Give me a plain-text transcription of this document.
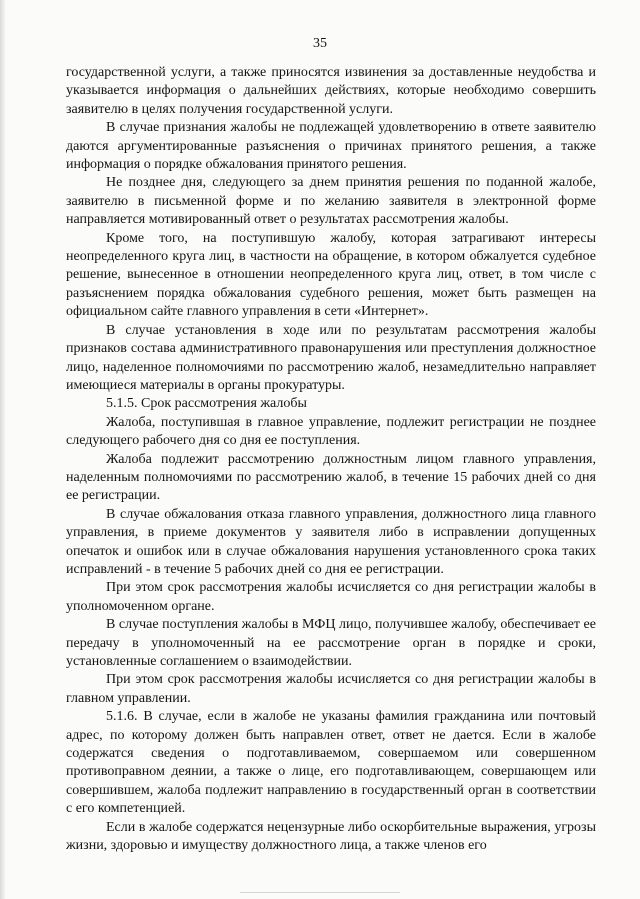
35

государственной услуги, а также приносятся извинения за доставленные неудобства и указывается информация о дальнейших действиях, которые необходимо совершить заявителю в целях получения государственной услуги.

В случае признания жалобы не подлежащей удовлетворению в ответе заявителю даются аргументированные разъяснения о причинах принятого решения, а также информация о порядке обжалования принятого решения.

Не позднее дня, следующего за днем принятия решения по поданной жалобе, заявителю в письменной форме и по желанию заявителя в электронной форме направляется мотивированный ответ о результатах рассмотрения жалобы.

Кроме того, на поступившую жалобу, которая затрагивают интересы неопределенного круга лиц, в частности на обращение, в котором обжалуется судебное решение, вынесенное в отношении неопределенного круга лиц, ответ, в том числе с разъяснением порядка обжалования судебного решения, может быть размещен на официальном сайте главного управления в сети «Интернет».

В случае установления в ходе или по результатам рассмотрения жалобы признаков состава административного правонарушения или преступления должностное лицо, наделенное полномочиями по рассмотрению жалоб, незамедлительно направляет имеющиеся материалы в органы прокуратуры.

5.1.5. Срок рассмотрения жалобы

Жалоба, поступившая в главное управление, подлежит регистрации не позднее следующего рабочего дня со дня ее поступления.

Жалоба подлежит рассмотрению должностным лицом главного управления, наделенным полномочиями по рассмотрению жалоб, в течение 15 рабочих дней со дня ее регистрации.

В случае обжалования отказа главного управления, должностного лица главного управления, в приеме документов у заявителя либо в исправлении допущенных опечаток и ошибок или в случае обжалования нарушения установленного срока таких исправлений - в течение 5 рабочих дней со дня ее регистрации.

При этом срок рассмотрения жалобы исчисляется со дня регистрации жалобы в уполномоченном органе.

В случае поступления жалобы в МФЦ лицо, получившее жалобу, обеспечивает ее передачу в уполномоченный на ее рассмотрение орган в порядке и сроки, установленные соглашением о взаимодействии.

При этом срок рассмотрения жалобы исчисляется со дня регистрации жалобы в главном управлении.

5.1.6. В случае, если в жалобе не указаны фамилия гражданина или почтовый адрес, по которому должен быть направлен ответ, ответ не дается. Если в жалобе содержатся сведения о подготавливаемом, совершаемом или совершенном противоправном деянии, а также о лице, его подготавливающем, совершающем или совершившем, жалоба подлежит направлению в государственный орган в соответствии с его компетенцией.

Если в жалобе содержатся нецензурные либо оскорбительные выражения, угрозы жизни, здоровью и имуществу должностного лица, а также членов его
